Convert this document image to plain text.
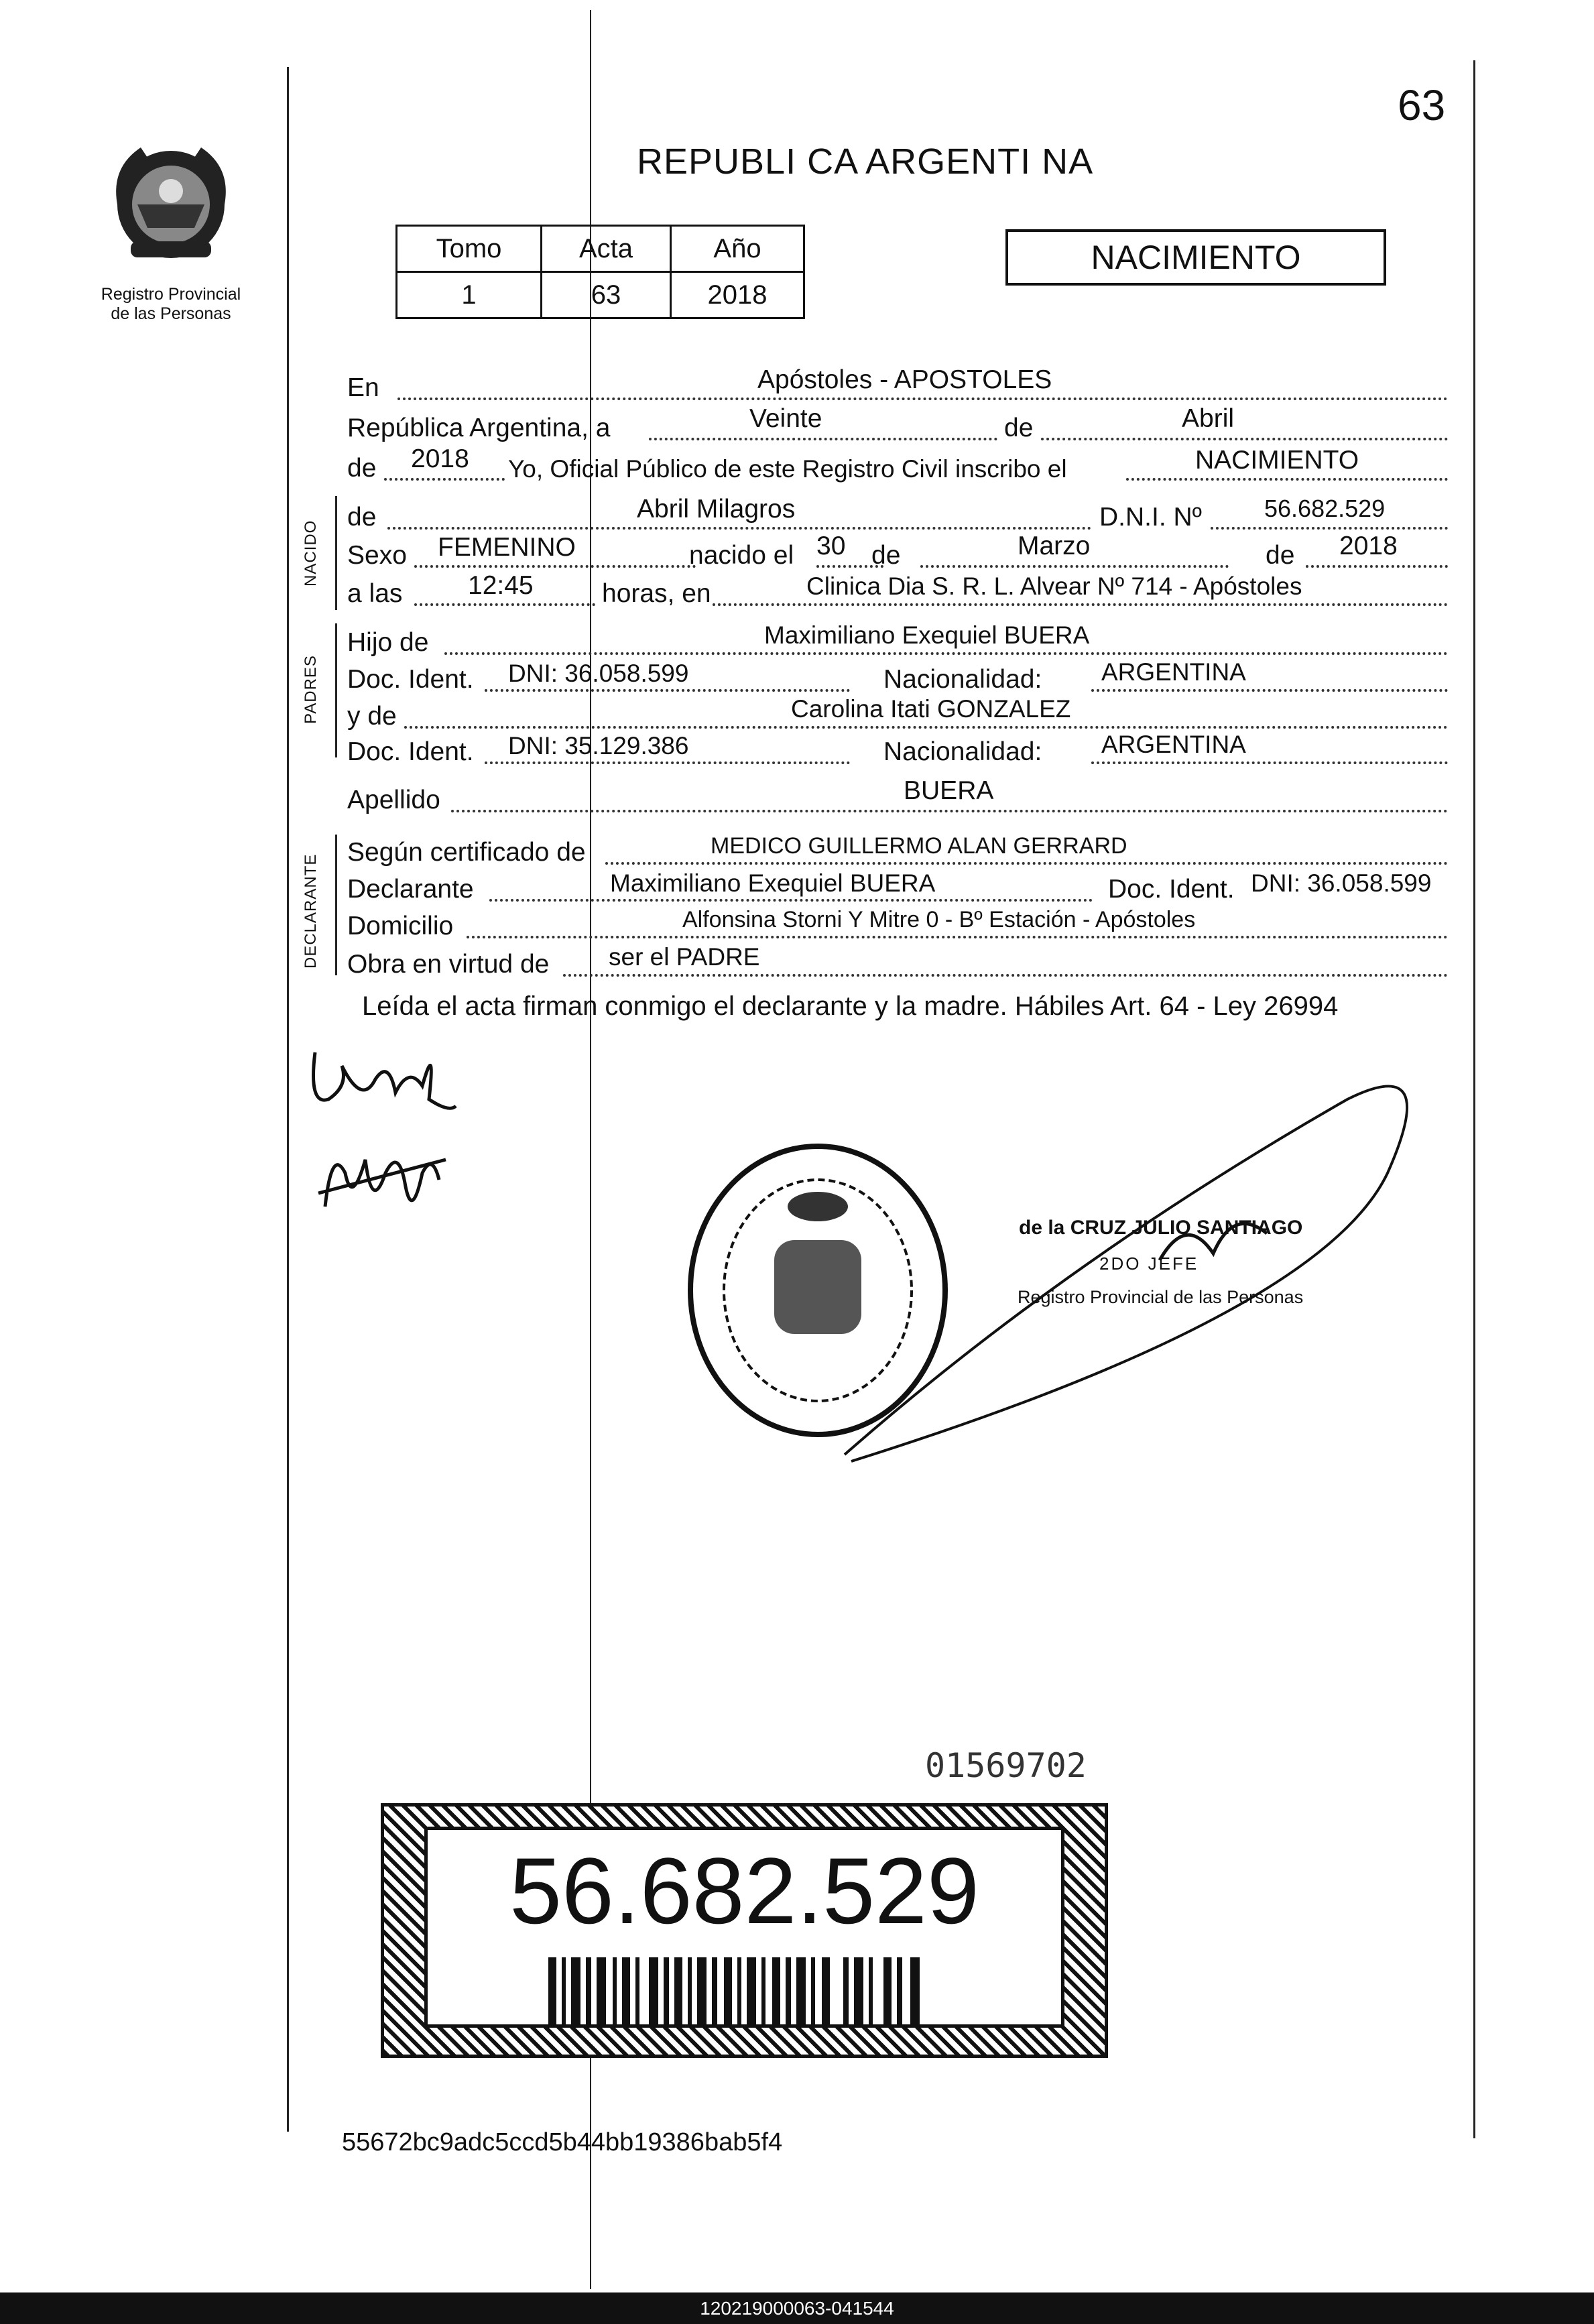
63
REPUBLI CA ARGENTI NA
Registro Provincial
de las Personas
Tomo	Acta	Año
1	63	2018
NACIMIENTO
En	Apóstoles - APOSTOLES
República Argentina, a	Veinte	de	Abril
de 2018 Yo, Oficial Público de este Registro Civil inscribo el	NACIMIENTO
NACIDO
de	Abril Milagros	D.N.I. Nº	56.682.529
Sexo FEMENINO	nacido el 30 de	Marzo	de 2018
a las	12:45	horas, en	Clinica Dia S. R. L. Alvear Nº 714 - Apóstoles
PADRES
Hijo de	Maximiliano Exequiel BUERA
Doc. Ident. DNI: 36.058.599	Nacionalidad: ARGENTINA
y de	Carolina Itati GONZALEZ
Doc. Ident. DNI: 35.129.386	Nacionalidad: ARGENTINA
Apellido	BUERA
DECLARANTE
Según certificado de	MEDICO GUILLERMO ALAN GERRARD
Declarante	Maximiliano Exequiel BUERA	Doc. Ident. DNI: 36.058.599
Domicilio	Alfonsina Storni Y Mitre 0 - Bº Estación - Apóstoles
Obra en virtud de ser el PADRE
Leída el acta firman conmigo el declarante y la madre. Hábiles Art. 64 - Ley 26994
de la CRUZ JULIO SANTIAGO
2DO JEFE
Registro Provincial de las Personas
01569702
56.682.529
55672bc9adc5ccd5b44bb19386bab5f4
120219000063-041544
